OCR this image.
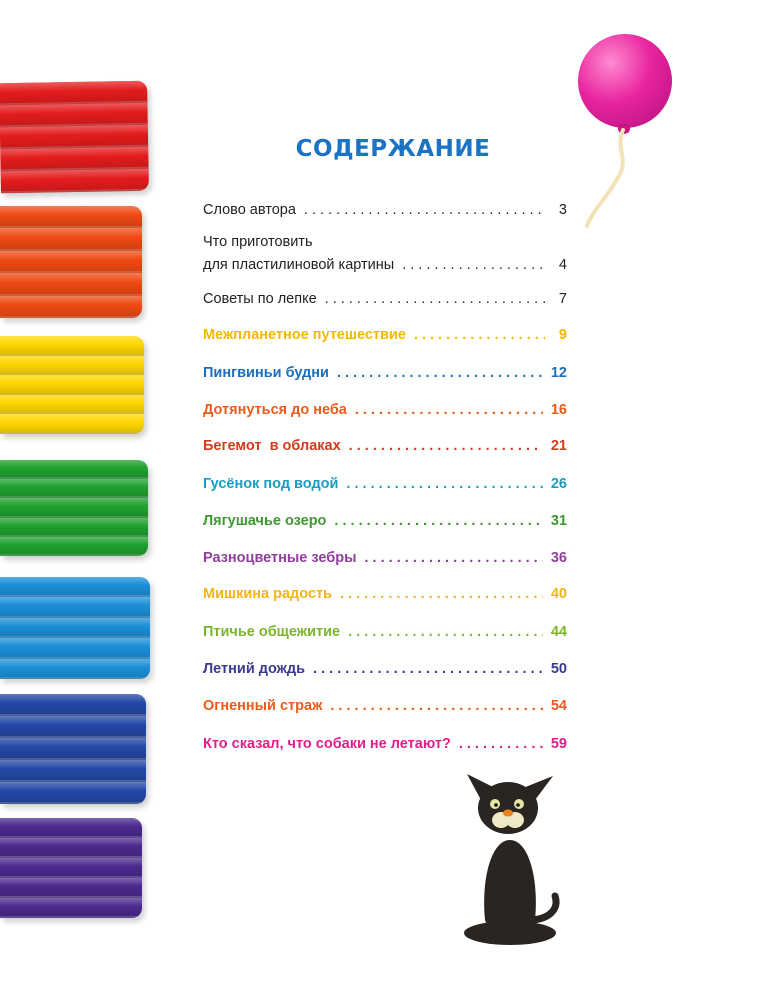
СОДЕРЖАНИЕ
Слово автора . . .	3
Что приготовить
для пластилиновой картины . . .	4
Советы по лепке . . .	7
Межпланетное путешествие . . .	9
Пингвиньи будни . . .	12
Дотянуться до неба . . .	16
Бегемот  в облаках . . .	21
Гусёнок под водой . . .	26
Лягушачье озеро . . .	31
Разноцветные зебры . . .	36
Мишкина радость . . .	40
Птичье общежитие . . .	44
Летний дождь . . .	50
Огненный страж . . .	54
Кто сказал, что собаки не летают? . . .	59
